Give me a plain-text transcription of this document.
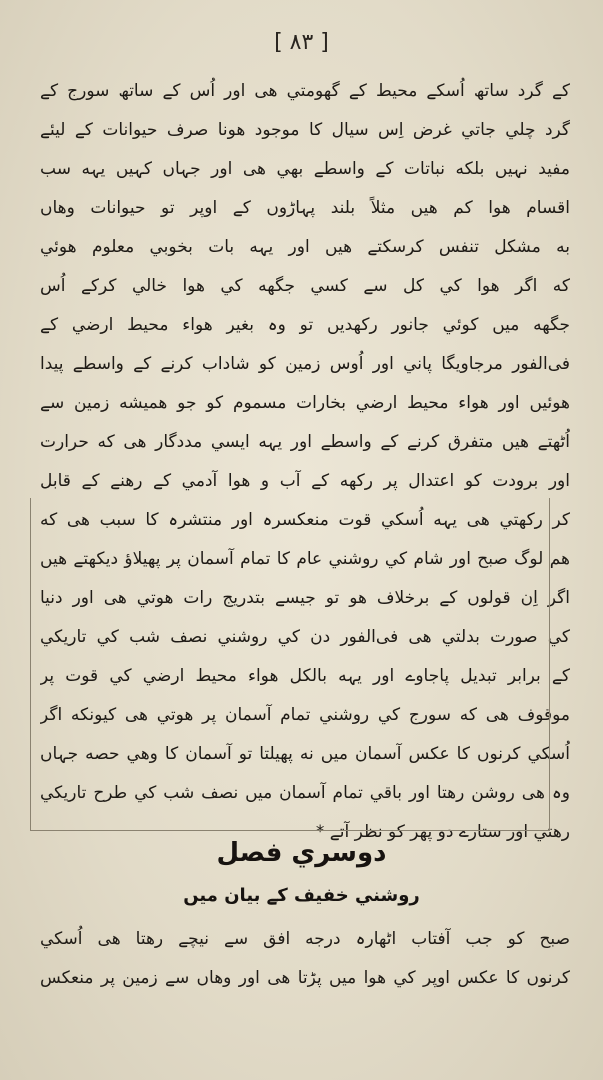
[ ۸۳ ]
کے گرد ساتھ اُسکے محیط کے گھومتي ھی اور اُس کے ساتھ سورج کے
گرد چلي جاتي غرض اِس سیال کا موجود ھونا صرف حیوانات کے لیئے
مفید نہیں بلکه نباتات کے واسطے بھي ھی اور جہاں کہیں یہه سب
اقسام ھوا کم ھیں مثلاً بلند پہاڑوں کے اوپر تو حیوانات وھاں
به مشکل تنفس کرسکتے ھیں اور یہه بات بخوبي معلوم ھوئي
که اگر ھوا کي کل سے کسي جگھه کي ھوا خالي کرکے اُس
جگھه میں کوئي جانور رکھدیں تو وہ بغیر ھواء محیط ارضي کے
فی‌الفور مرجاویگا پاني اور اُوس زمین کو شاداب کرنے کے واسطے پیدا
ھوئیں اور ھواء محیط ارضي بخارات مسموم کو جو ھمیشه زمین سے
اُٹھتے ھیں متفرق کرنے کے واسطے اور یہه ایسي مددگار ھی که حرارت
اور برودت کو اعتدال پر رکھه کے آب و ھوا آدمي کے رھنے کے قابل
کر رکھتي ھی یہه اُسکي قوت منعکسرہ اور منتشرہ کا سبب ھی که
ھم لوگ صبح اور شام کي روشني عام کا تمام آسمان پر پھیلاؤ دیکھتے ھیں
اگر اِن قولوں کے برخلاف ھو تو جیسے بتدریج رات ھوتي ھی اور دنیا
کي صورت بدلتي ھی فی‌الفور دن کي روشني نصف شب کي تاریکي
کے برابر تبدیل پاجاوے اور یہه بالکل ھواء محیط ارضي کي قوت پر
موقوف ھی که سورج کي روشني تمام آسمان پر ھوتي ھی کیونکه اگر
اُسکي کرنوں کا عکس آسمان میں نه پھیلتا تو آسمان کا وھي حصه جہاں
وہ ھی روشن رھتا اور باقي تمام آسمان میں نصف شب کي طرح تاریکي
رھتي اور ستارے دو پھر کو نظر آتے *
دوسري فصل
روشني خفیف کے بیان میں
صبح کو جب آفتاب اٹھارہ درجه افق سے نیچے رھتا ھی اُسکي
کرنوں کا عکس اوپر کي ھوا میں پڑتا ھی اور وھاں سے زمین پر منعکس
